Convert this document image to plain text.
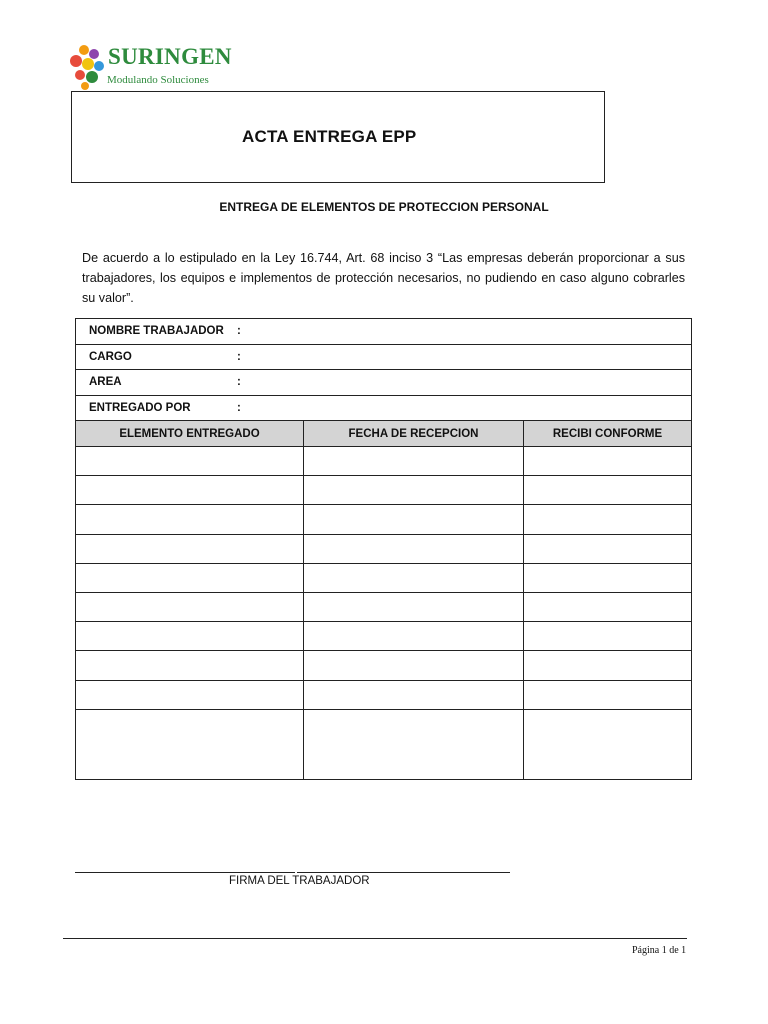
SURINGEN
Modulando Soluciones
ACTA ENTREGA EPP
ENTREGA DE ELEMENTOS DE PROTECCION PERSONAL
De acuerdo a lo estipulado en la Ley 16.744, Art. 68 inciso 3 “Las empresas deberán proporcionar a sus trabajadores, los equipos e implementos de protección necesarios, no pudiendo en caso alguno cobrarles su valor”.
NOMBRE TRABAJADOR :		
CARGO :		
AREA :		
ENTREGADO POR :		
ELEMENTO ENTREGADO	FECHA DE RECEPCION	RECIBI CONFORME

FIRMA DEL TRABAJADOR
Página 1 de 1
